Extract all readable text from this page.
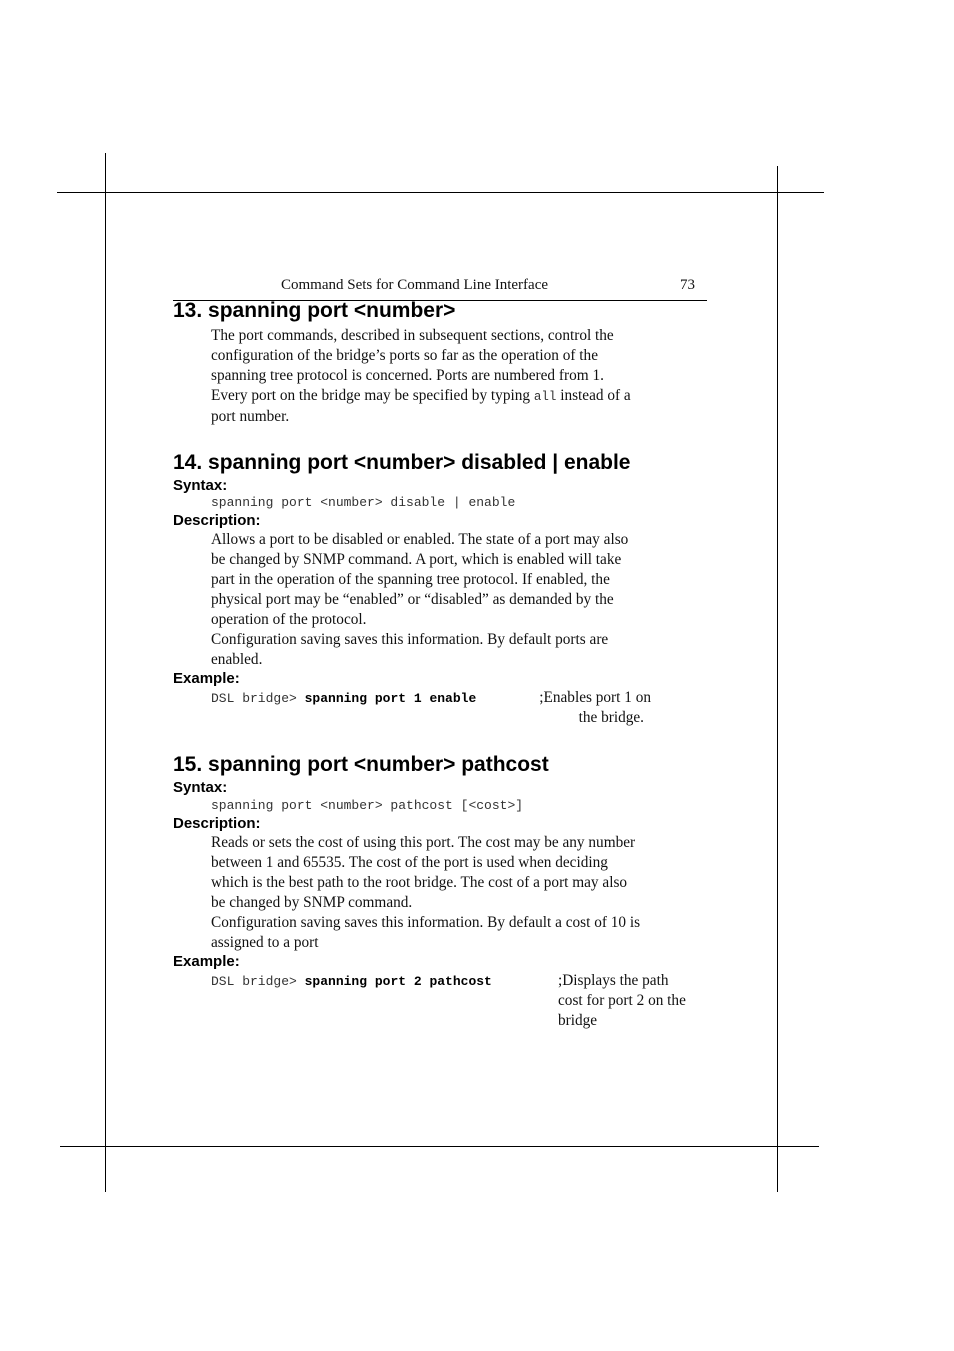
Command Sets for Command Line Interface	73
13. spanning port <number>
The port commands, described in subsequent sections, control the
configuration of the bridge’s ports so far as the operation of the
spanning tree protocol is concerned. Ports are numbered from 1.
Every port on the bridge may be specified by typing all instead of a
port number.
14. spanning port <number> disabled | enable
Syntax:
spanning port <number> disable | enable
Description:
Allows a port to be disabled or enabled. The state of a port may also
be changed by SNMP command. A port, which is enabled will take
part in the operation of the spanning tree protocol. If enabled, the
physical port may be “enabled” or “disabled” as demanded by the
operation of the protocol.
Configuration saving saves this information. By default ports are
enabled.
Example:
DSL bridge> spanning port 1 enable	;Enables port 1 on
the bridge.
15. spanning port <number> pathcost
Syntax:
spanning port <number> pathcost [<cost>]
Description:
Reads or sets the cost of using this port. The cost may be any number
between 1 and 65535. The cost of the port is used when deciding
which is the best path to the root bridge. The cost of a port may also
be changed by SNMP command.
Configuration saving saves this information. By default a cost of 10 is
assigned to a port
Example:
DSL bridge> spanning port 2 pathcost	;Displays the path
cost for port 2 on the
bridge
